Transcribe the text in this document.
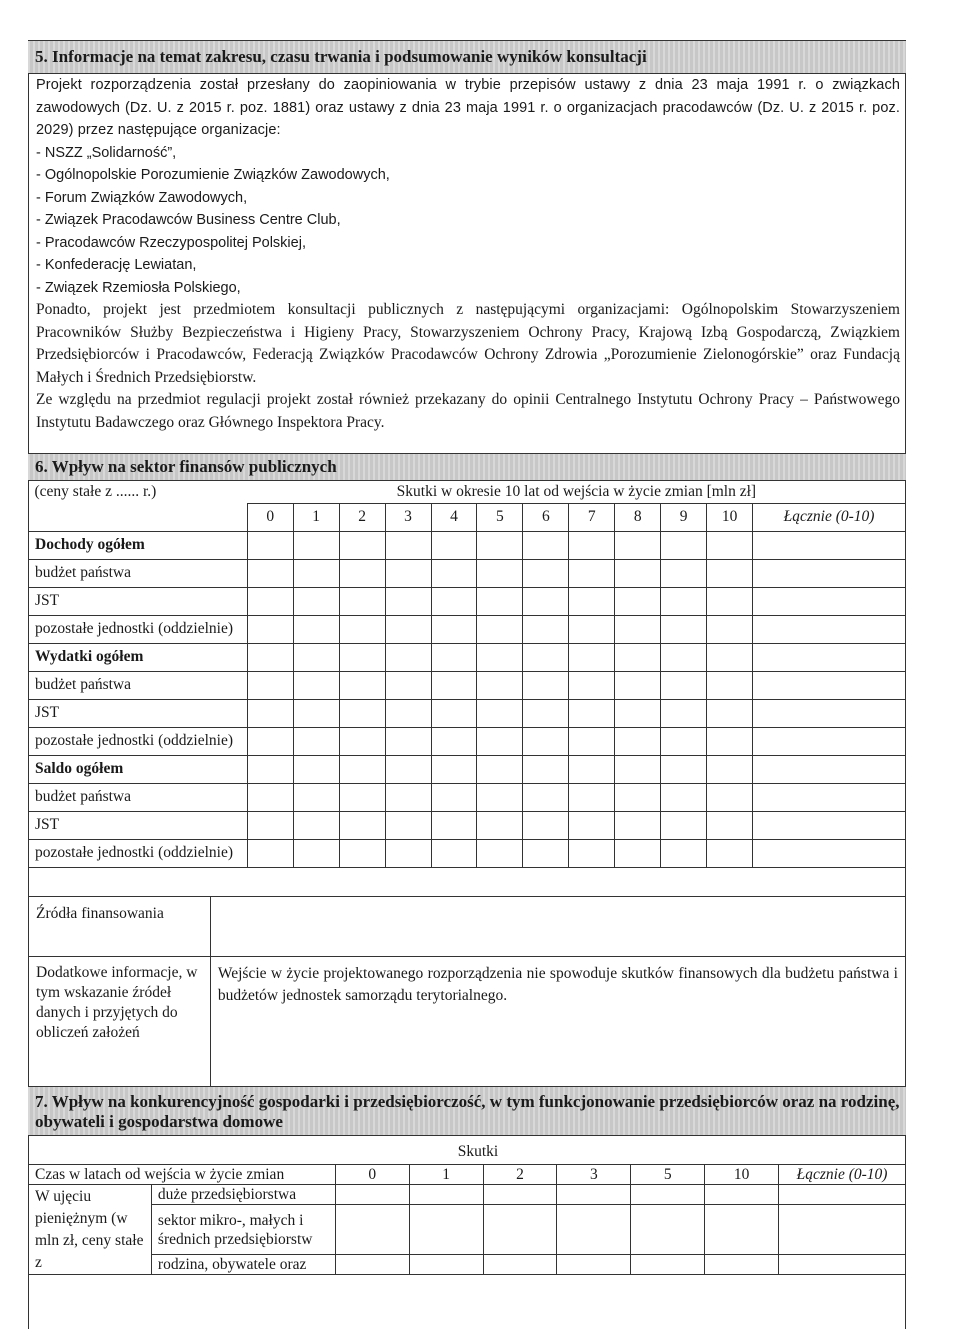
5. Informacje na temat zakresu, czasu trwania i podsumowanie wyników konsultacji

Projekt rozporządzenia został przesłany do zaopiniowania w trybie przepisów ustawy z dnia 23 maja 1991 r. o związkach zawodowych (Dz. U. z 2015 r. poz. 1881) oraz ustawy z dnia 23 maja 1991 r. o organizacjach pracodawców (Dz. U. z 2015 r. poz. 2029) przez następujące organizacje:

- NSZZ „Solidarność”,
- Ogólnopolskie Porozumienie Związków Zawodowych,
- Forum Związków Zawodowych,
- Związek Pracodawców Business Centre Club,
- Pracodawców Rzeczypospolitej Polskiej,
- Konfederację Lewiatan,
- Związek Rzemiosła Polskiego,

Ponadto, projekt jest przedmiotem konsultacji publicznych z następującymi organizacjami: Ogólnopolskim Stowarzyszeniem Pracowników Służby Bezpieczeństwa i Higieny Pracy, Stowarzyszeniem Ochrony Pracy, Krajową Izbą Gospodarczą, Związkiem Przedsiębiorców i Pracodawców, Federacją Związków Pracodawców Ochrony Zdrowia „Porozumienie Zielonogórskie” oraz Fundacją Małych i Średnich Przedsiębiorstw.

Ze względu na przedmiot regulacji projekt został również przekazany do opinii Centralnego Instytutu Ochrony Pracy – Państwowego Instytutu Badawczego oraz Głównego Inspektora Pracy.

6. Wpływ na sektor finansów publicznych
(ceny stałe z ...... r.)	Skutki w okresie 10 lat od wejścia w życie zmian [mln zł]											
	0	1	2	3	4	5	6	7	8	9	10	Łącznie (0-10)
Dochody ogółem												
budżet państwa												
JST												
pozostałe jednostki (oddzielnie)												
Wydatki ogółem												
budżet państwa												
JST												
pozostałe jednostki (oddzielnie)												
Saldo ogółem												
budżet państwa												
JST												
pozostałe jednostki (oddzielnie)												
Źródła finansowania	
Dodatkowe informacje, w tym wskazanie źródeł danych i przyjętych do obliczeń założeń	Wejście w życie projektowanego rozporządzenia nie spowoduje skutków finansowych dla budżetu państwa i budżetów jednostek samorządu terytorialnego.
7. Wpływ na konkurencyjność gospodarki i przedsiębiorczość, w tym funkcjonowanie przedsiębiorców oraz na rodzinę, obywateli i gospodarstwa domowe
Skutki
Czas w latach od wejścia w życie zmian		0	1	2	3	5	10	Łącznie (0-10)
W ujęciu pieniężnym (w mln zł, ceny stałe z	duże przedsiębiorstwa							
	sektor mikro-, małych i średnich przedsiębiorstw							

	rodzina, obywatele oraz							
